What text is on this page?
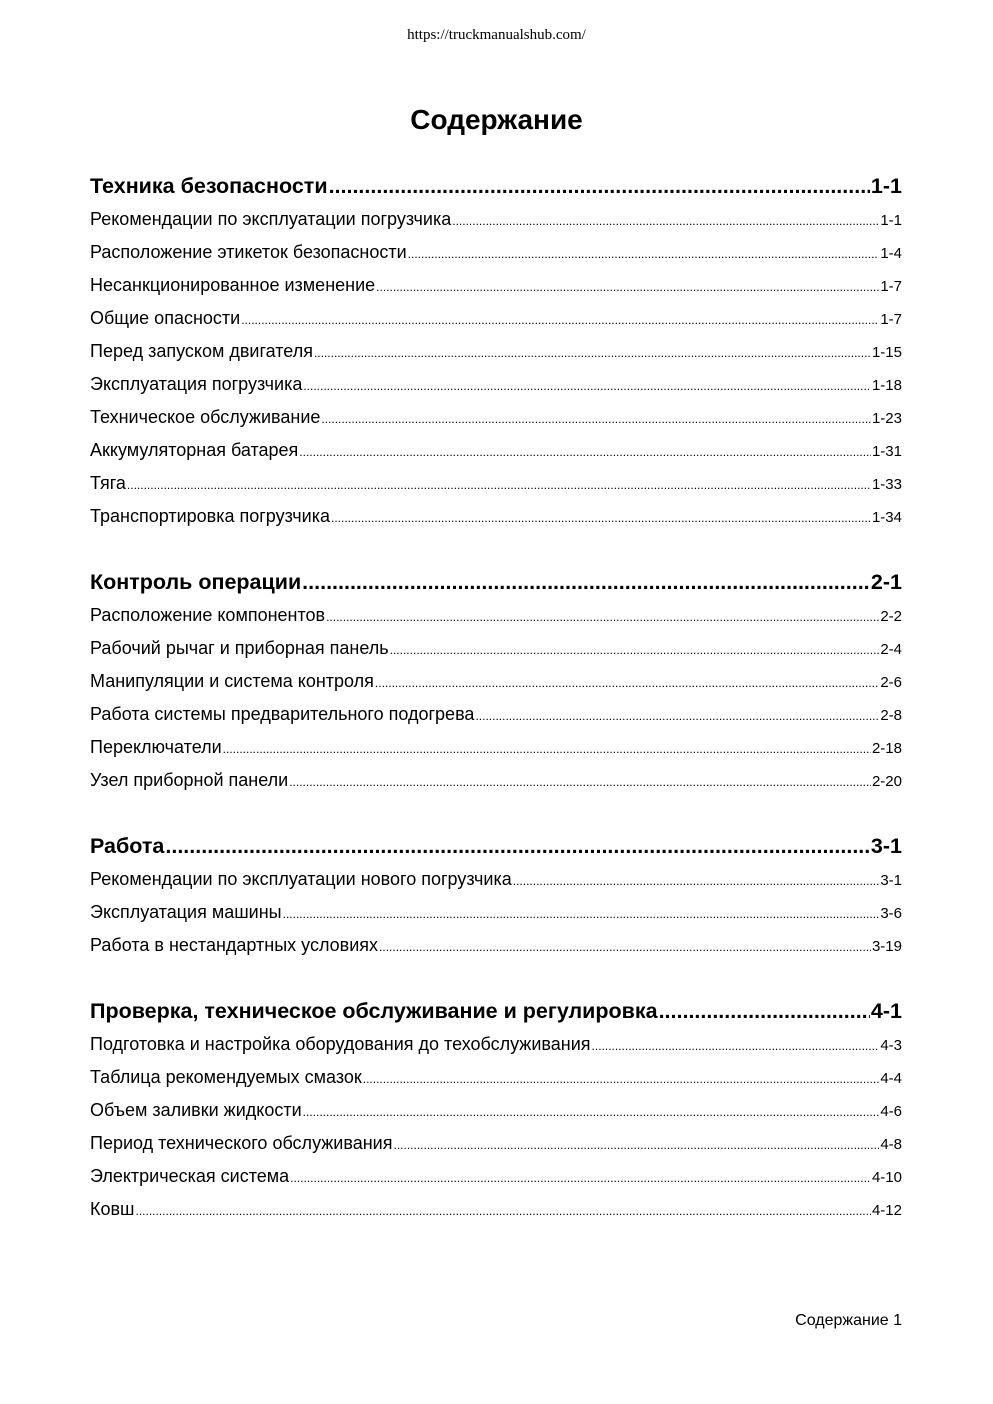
https://truckmanualshub.com/
Содержание
Техника безопасности .....	1-1
Рекомендации по эксплуатации погрузчика .....	1-1
Расположение этикеток безопасности .....	1-4
Несанкционированное изменение .....	1-7
Общие опасности .....	1-7
Перед запуском двигателя .....	1-15
Эксплуатация погрузчика .....	1-18
Техническое обслуживание .....	1-23
Аккумуляторная батарея .....	1-31
Тяга .....	1-33
Транспортировка погрузчика .....	1-34
Контроль операции .....	2-1
Расположение компонентов .....	2-2
Рабочий рычаг и приборная панель .....	2-4
Манипуляции и система контроля .....	2-6
Работа системы предварительного подогрева .....	2-8
Переключатели .....	2-18
Узел приборной панели .....	2-20
Работа .....	3-1
Рекомендации по эксплуатации нового погрузчика .....	3-1
Эксплуатация машины .....	3-6
Работа в нестандартных условиях .....	3-19
Проверка, техническое обслуживание и регулировка .....	4-1
Подготовка и настройка оборудования до техобслуживания .....	4-3
Таблица рекомендуемых смазок .....	4-4
Объем заливки жидкости .....	4-6
Период технического обслуживания .....	4-8
Электрическая система .....	4-10
Ковш .....	4-12
Содержание 1
